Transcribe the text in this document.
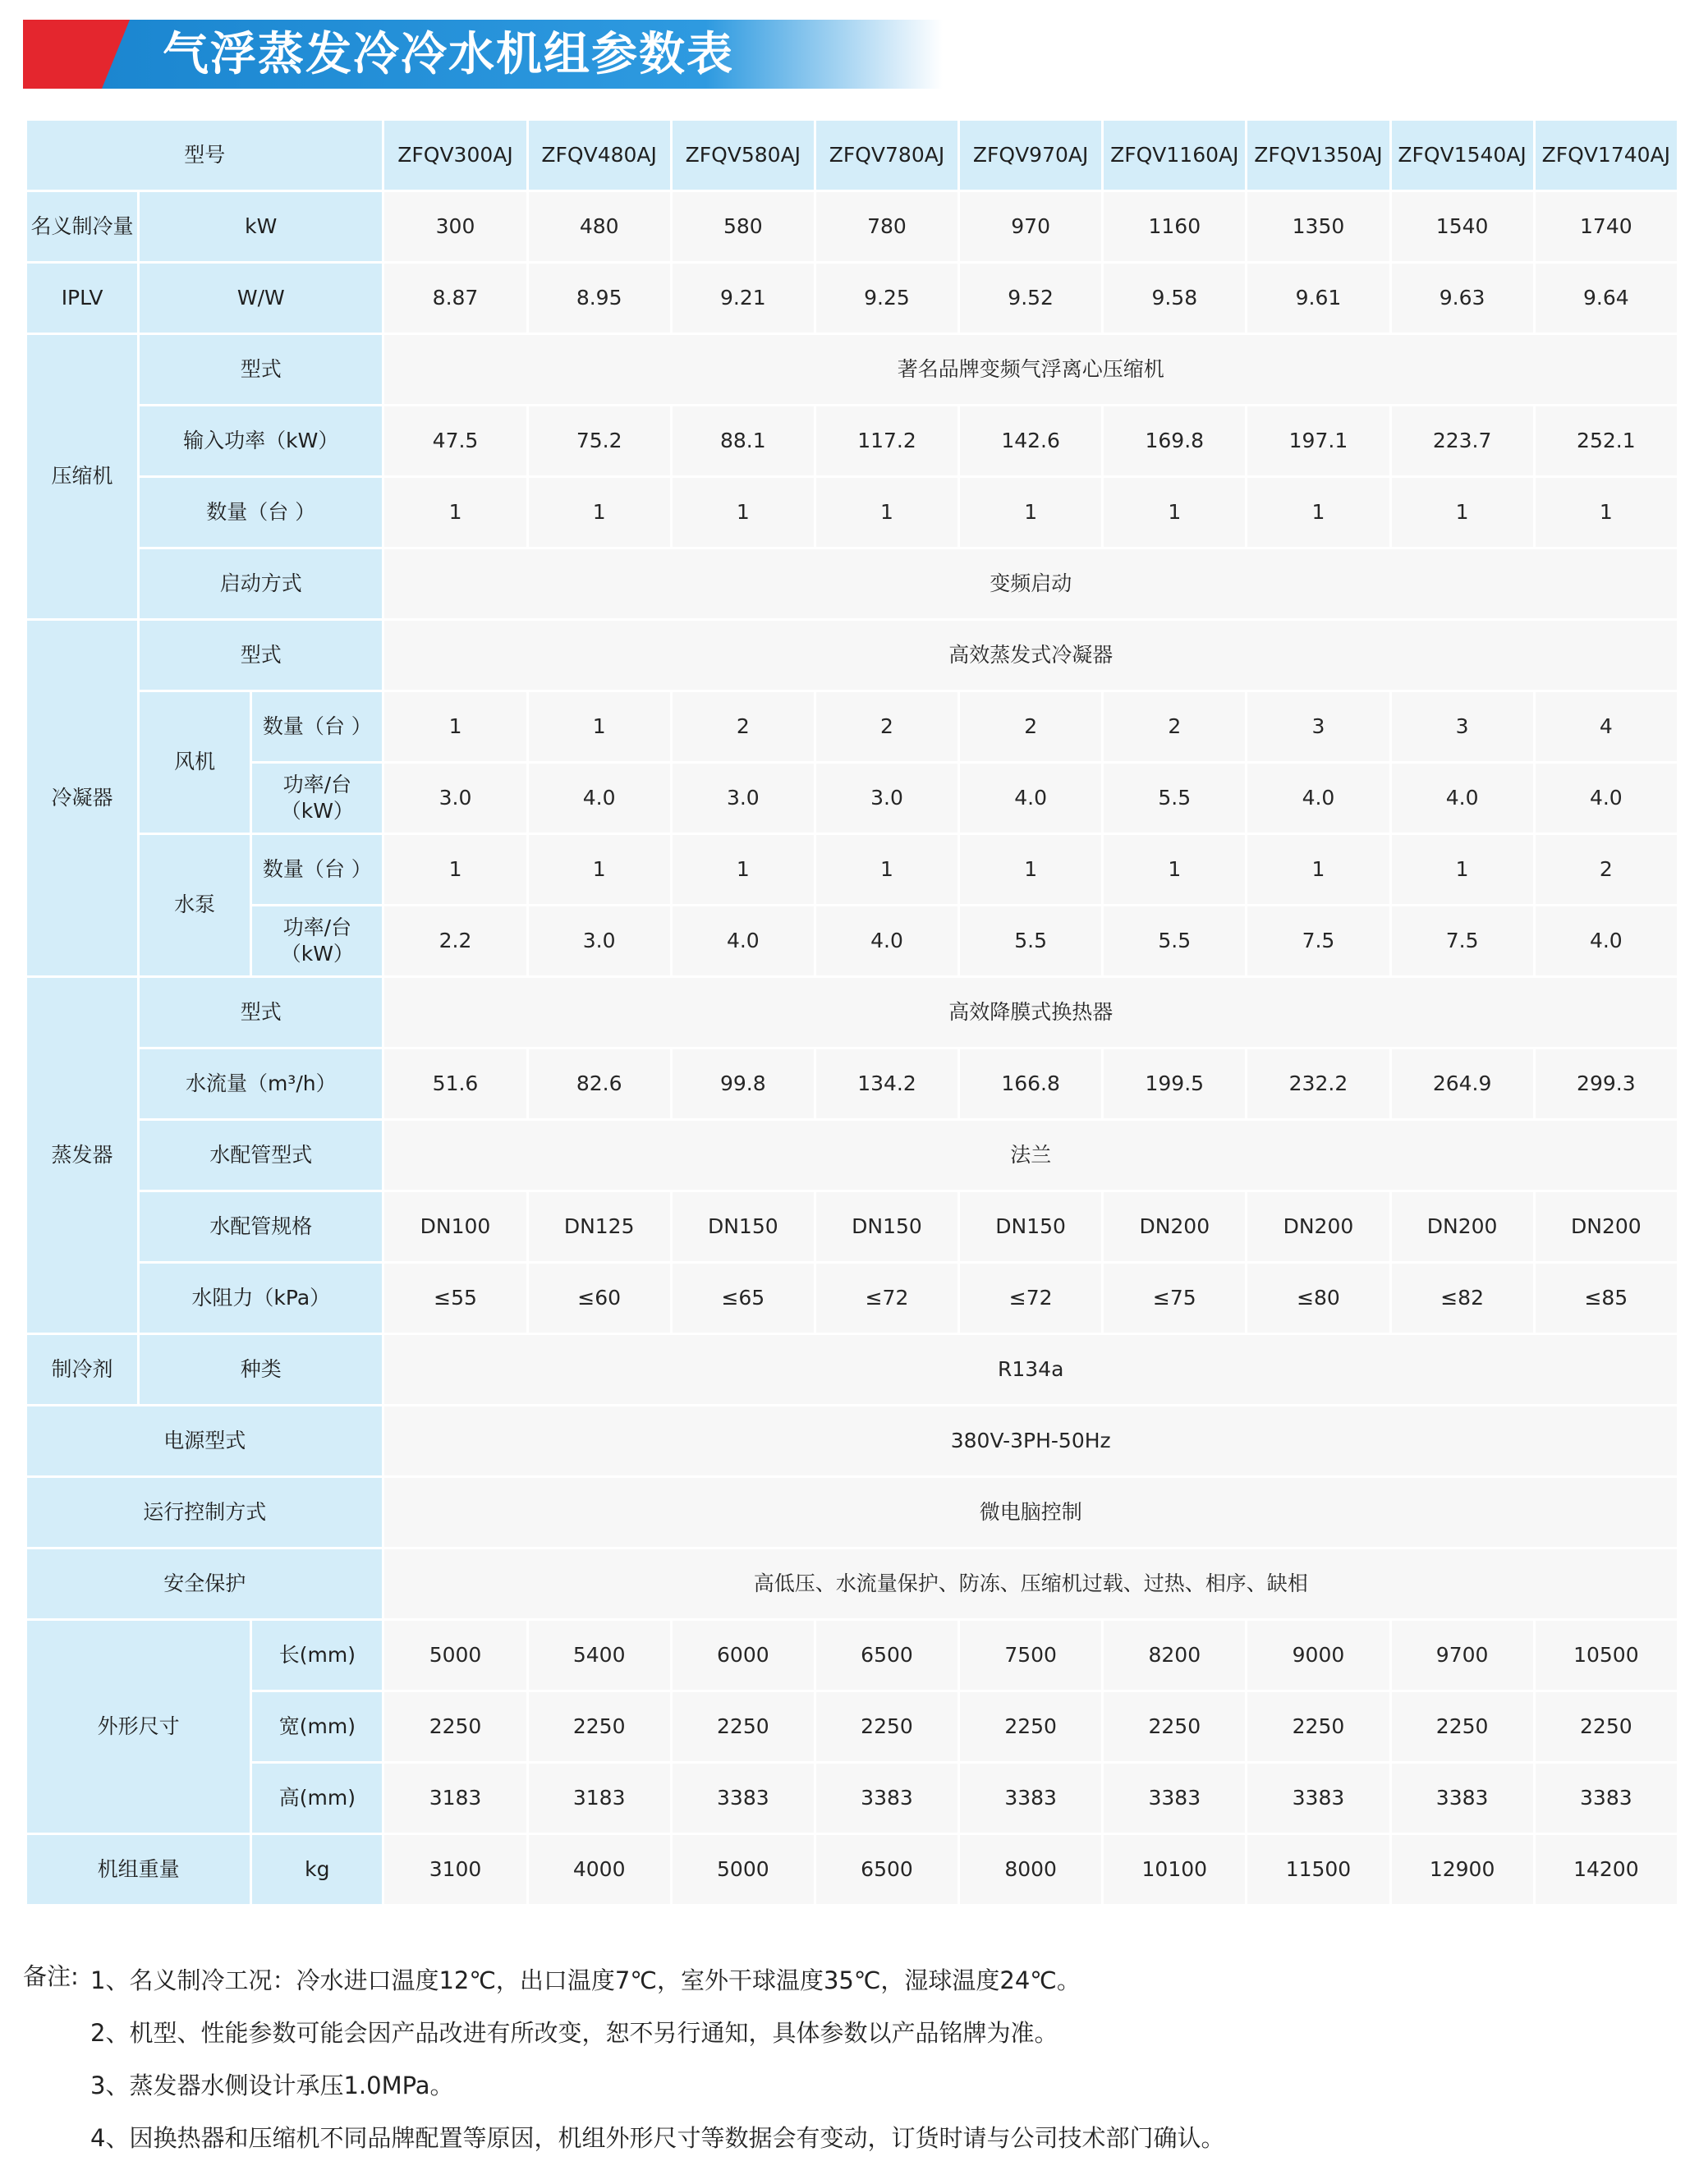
气浮蒸发冷冷水机组参数表
型号			ZFQV300AJ	ZFQV480AJ	ZFQV580AJ	ZFQV780AJ	ZFQV970AJ	ZFQV1160AJ	ZFQV1350AJ	ZFQV1540AJ	ZFQV1740AJ
名义制冷量	kW		300	480	580	780	970	1160	1350	1540	1740
IPLV	W/W		8.87	8.95	9.21	9.25	9.52	9.58	9.61	9.63	9.64
压缩机	型式		著名品牌变频气浮离心压缩机								
	输入功率（kW）		47.5	75.2	88.1	117.2	142.6	169.8	197.1	223.7	252.1
	数量（台 ）		1	1	1	1	1	1	1	1	1
	启动方式		变频启动								
冷凝器	型式		高效蒸发式冷凝器								
	风机	数量（台 ）	1	1	2	2	2	2	3	3	4
		功率/台（kW）	3.0	4.0	3.0	3.0	4.0	5.5	4.0	4.0	4.0
	水泵	数量（台 ）	1	1	1	1	1	1	1	1	2
		功率/台（kW）	2.2	3.0	4.0	4.0	5.5	5.5	7.5	7.5	4.0
蒸发器	型式		高效降膜式换热器								
	水流量（m³/h）		51.6	82.6	99.8	134.2	166.8	199.5	232.2	264.9	299.3
	水配管型式		法兰								
	水配管规格		DN100	DN125	DN150	DN150	DN150	DN200	DN200	DN200	DN200
	水阻力（kPa）		≤55	≤60	≤65	≤72	≤72	≤75	≤80	≤82	≤85
制冷剂	种类		R134a								
电源型式			380V-3PH-50Hz								
运行控制方式			微电脑控制								
安全保护			高低压、水流量保护、防冻、压缩机过载、过热、相序、缺相								
外形尺寸		长(mm)	5000	5400	6000	6500	7500	8200	9000	9700	10500
		宽(mm)	2250	2250	2250	2250	2250	2250	2250	2250	2250
		高(mm)	3183	3183	3383	3383	3383	3383	3383	3383	3383
机组重量		kg	3100	4000	5000	6500	8000	10100	11500	12900	14200
备注: 1、名义制冷工况：冷水进口温度12℃，出口温度7℃，室外干球温度35℃，湿球温度24℃。
2、机型、性能参数可能会因产品改进有所改变，恕不另行通知，具体参数以产品铭牌为准。
3、蒸发器水侧设计承压1.0MPa。
4、因换热器和压缩机不同品牌配置等原因，机组外形尺寸等数据会有变动，订货时请与公司技术部门确认。
